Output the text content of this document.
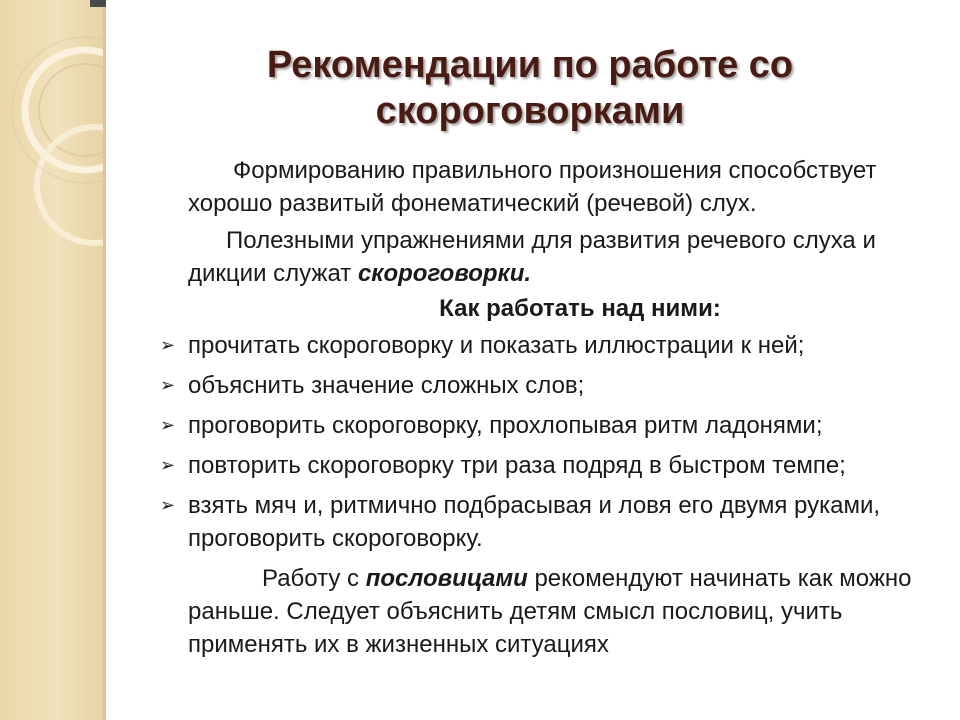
Рекомендации по работе со
скороговорками

Формированию правильного произношения способствует хорошо развитый фонематический (речевой) слух.

Полезными упражнениями для развития речевого слуха и дикции служат скороговорки.

Как работать над ними:

➢ прочитать скороговорку и показать иллюстрации к ней;
➢ объяснить значение сложных слов;
➢ проговорить скороговорку, прохлопывая ритм ладонями;
➢ повторить скороговорку три раза подряд в быстром темпе;
➢ взять мяч и, ритмично подбрасывая и ловя его двумя руками, проговорить скороговорку.

Работу с пословицами рекомендуют начинать как можно раньше. Следует объяснить детям смысл пословиц, учить применять их в жизненных ситуациях
